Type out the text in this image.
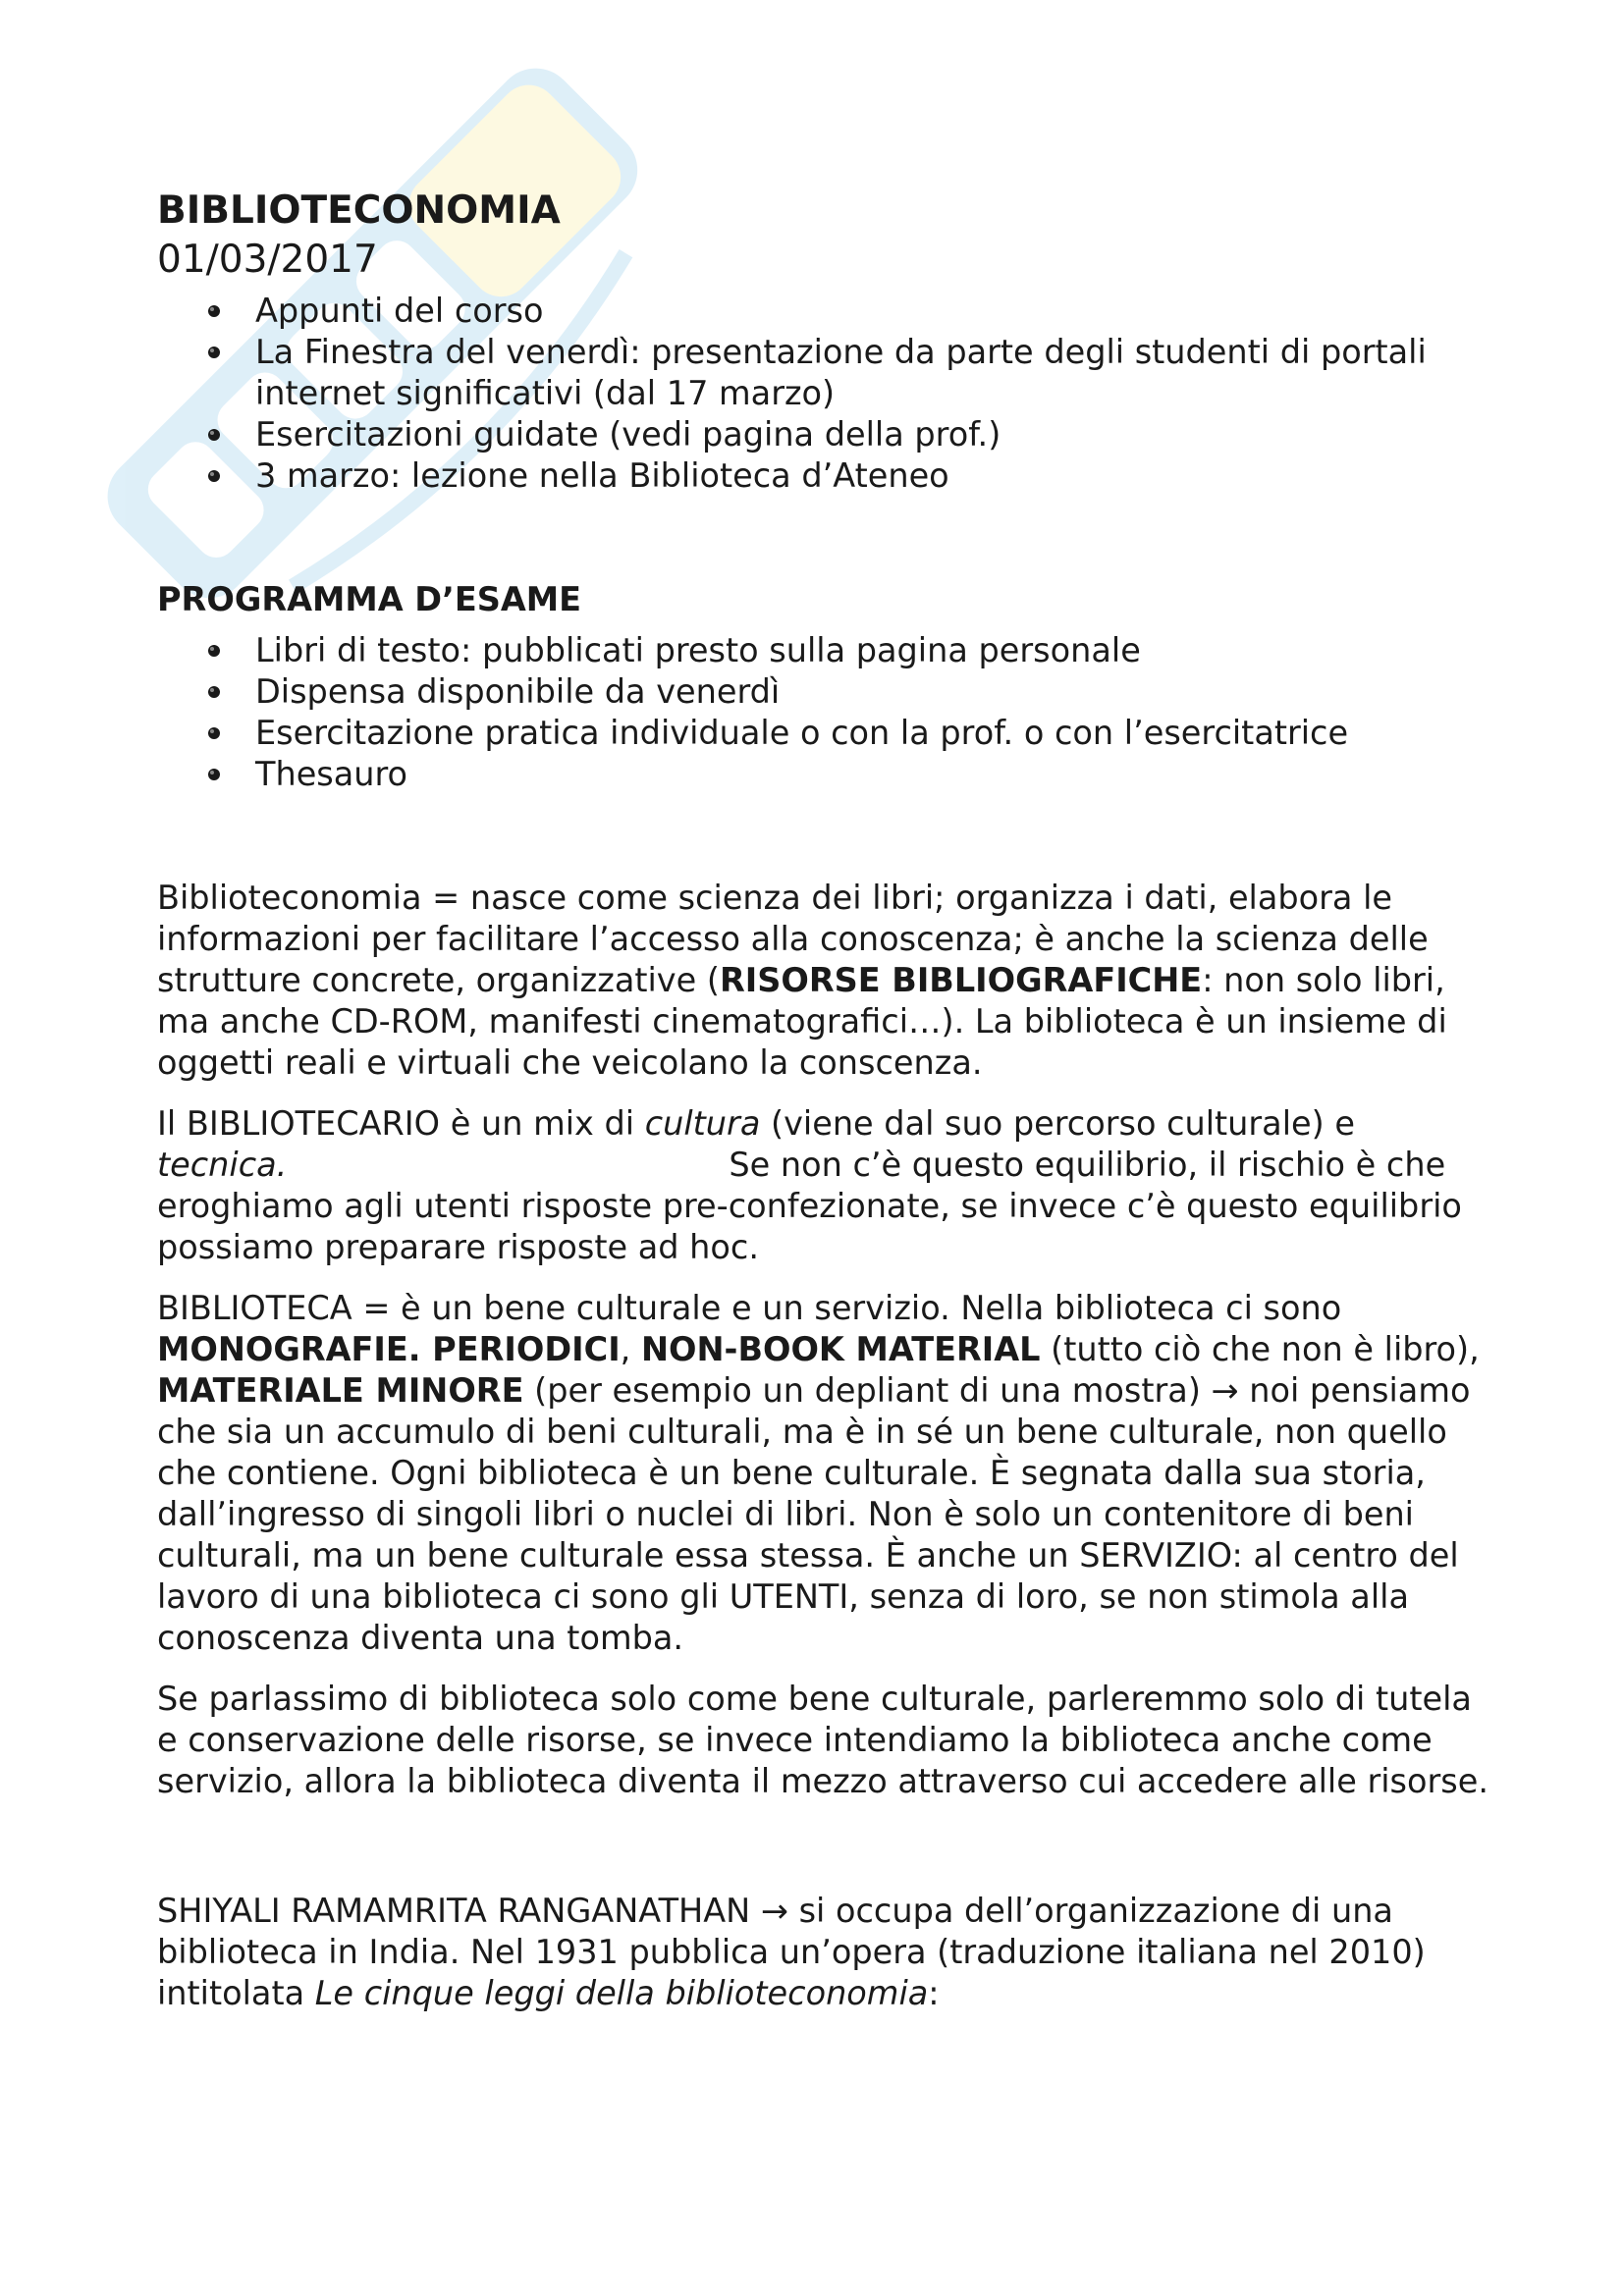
BIBLIOTECONOMIA
01/03/2017
Appunti del corso
La Finestra del venerdì: presentazione da parte degli studenti di portali internet significativi (dal 17 marzo)
Esercitazioni guidate (vedi pagina della prof.)
3 marzo: lezione nella Biblioteca d’Ateneo
PROGRAMMA D’ESAME
Libri di testo: pubblicati presto sulla pagina personale
Dispensa disponibile da venerdì
Esercitazione pratica individuale o con la prof. o con l’esercitatrice
Thesauro

Biblioteconomia = nasce come scienza dei libri; organizza i dati, elabora le informazioni per facilitare l’accesso alla conoscenza; è anche la scienza delle strutture concrete, organizzative (RISORSE BIBLIOGRAFICHE: non solo libri, ma anche CD-ROM, manifesti cinematografici…). La biblioteca è un insieme di oggetti reali e virtuali che veicolano la conscenza.

Il BIBLIOTECARIO è un mix di cultura (viene dal suo percorso culturale) e tecnica.	Se non c’è questo equilibrio, il rischio è che eroghiamo agli utenti risposte pre-confezionate, se invece c’è questo equilibrio possiamo preparare risposte ad hoc.

BIBLIOTECA = è un bene culturale e un servizio. Nella biblioteca ci sono MONOGRAFIE. PERIODICI, NON-BOOK MATERIAL (tutto ciò che non è libro), MATERIALE MINORE (per esempio un depliant di una mostra) → noi pensiamo che sia un accumulo di beni culturali, ma è in sé un bene culturale, non quello che contiene. Ogni biblioteca è un bene culturale. È segnata dalla sua storia, dall’ingresso di singoli libri o nuclei di libri. Non è solo un contenitore di beni culturali, ma un bene culturale essa stessa. È anche un SERVIZIO: al centro del lavoro di una biblioteca ci sono gli UTENTI, senza di loro, se non stimola alla conoscenza diventa una tomba.

Se parlassimo di biblioteca solo come bene culturale, parleremmo solo di tutela e conservazione delle risorse, se invece intendiamo la biblioteca anche come servizio, allora la biblioteca diventa il mezzo attraverso cui accedere alle risorse.

SHIYALI RAMAMRITA RANGANATHAN → si occupa dell’organizzazione di una biblioteca in India. Nel 1931 pubblica un’opera (traduzione italiana nel 2010) intitolata Le cinque leggi della biblioteconomia:
